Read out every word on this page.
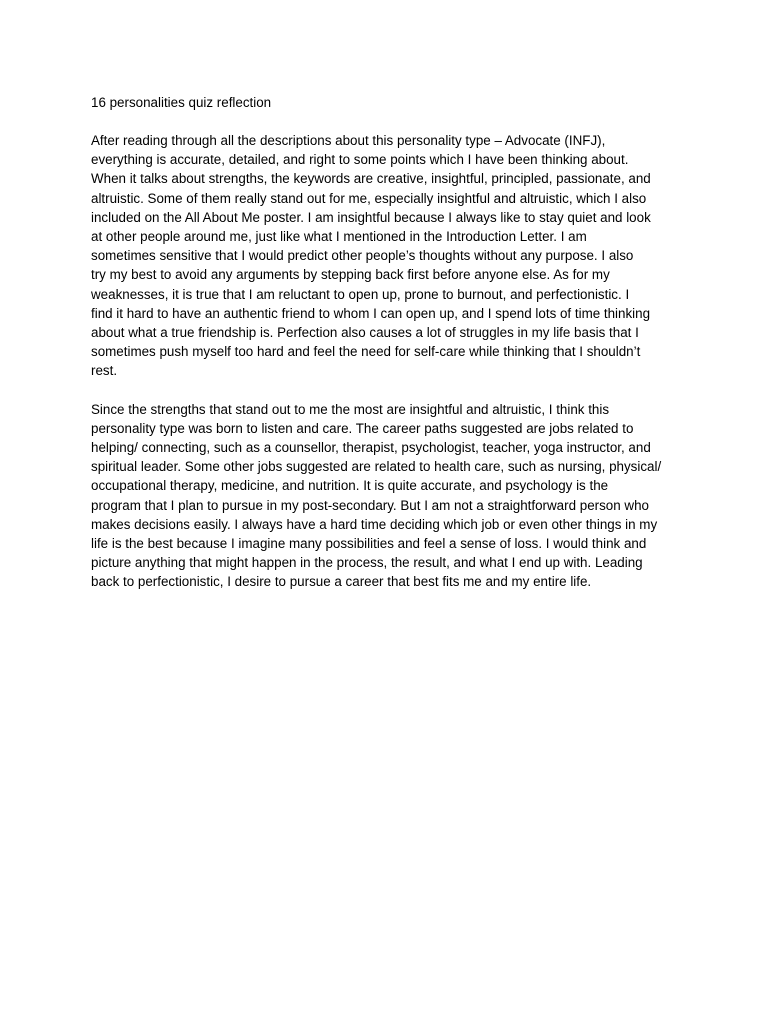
16 personalities quiz reflection
After reading through all the descriptions about this personality type – Advocate (INFJ),
everything is accurate, detailed, and right to some points which I have been thinking about.
When it talks about strengths, the keywords are creative, insightful, principled, passionate, and
altruistic. Some of them really stand out for me, especially insightful and altruistic, which I also
included on the All About Me poster. I am insightful because I always like to stay quiet and look
at other people around me, just like what I mentioned in the Introduction Letter. I am
sometimes sensitive that I would predict other people’s thoughts without any purpose. I also
try my best to avoid any arguments by stepping back first before anyone else. As for my
weaknesses, it is true that I am reluctant to open up, prone to burnout, and perfectionistic. I
find it hard to have an authentic friend to whom I can open up, and I spend lots of time thinking
about what a true friendship is. Perfection also causes a lot of struggles in my life basis that I
sometimes push myself too hard and feel the need for self-care while thinking that I shouldn’t
rest.
Since the strengths that stand out to me the most are insightful and altruistic, I think this
personality type was born to listen and care. The career paths suggested are jobs related to
helping/ connecting, such as a counsellor, therapist, psychologist, teacher, yoga instructor, and
spiritual leader. Some other jobs suggested are related to health care, such as nursing, physical/
occupational therapy, medicine, and nutrition. It is quite accurate, and psychology is the
program that I plan to pursue in my post-secondary. But I am not a straightforward person who
makes decisions easily. I always have a hard time deciding which job or even other things in my
life is the best because I imagine many possibilities and feel a sense of loss. I would think and
picture anything that might happen in the process, the result, and what I end up with. Leading
back to perfectionistic, I desire to pursue a career that best fits me and my entire life.
